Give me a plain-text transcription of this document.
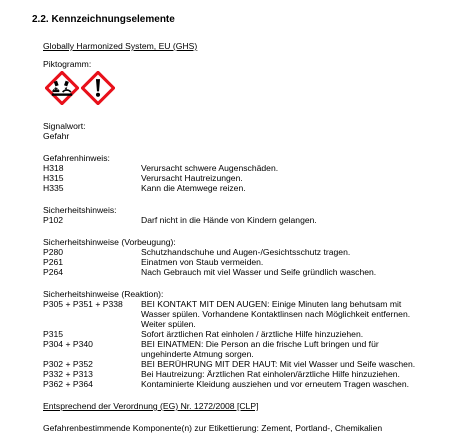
2.2. Kennzeichnungselemente
Globally Harmonized System, EU (GHS)
Piktogramm:
Signalwort:
Gefahr
Gefahrenhinweis:
H318	Verursacht schwere Augenschäden.
H315	Verursacht Hautreizungen.
H335	Kann die Atemwege reizen.
Sicherheitshinweis:
P102	Darf nicht in die Hände von Kindern gelangen.
Sicherheitshinweise (Vorbeugung):
P280	Schutzhandschuhe und Augen-/Gesichtsschutz tragen.
P261	Einatmen von Staub vermeiden.
P264	Nach Gebrauch mit viel Wasser und Seife gründlich waschen.
Sicherheitshinweise (Reaktion):
P305 + P351 + P338	BEI KONTAKT MIT DEN AUGEN: Einige Minuten lang behutsam mit Wasser spülen. Vorhandene Kontaktlinsen nach Möglichkeit entfernen. Weiter spülen.
P315	Sofort ärztlichen Rat einholen / ärztliche Hilfe hinzuziehen.
P304 + P340	BEI EINATMEN: Die Person an die frische Luft bringen und für ungehinderte Atmung sorgen.
P302 + P352	BEI BERÜHRUNG MIT DER HAUT: Mit viel Wasser und Seife waschen.
P332 + P313	Bei Hautreizung: Ärztlichen Rat einholen/ärztliche Hilfe hinzuziehen.
P362 + P364	Kontaminierte Kleidung ausziehen und vor erneutem Tragen waschen.
Entsprechend der Verordnung (EG) Nr. 1272/2008 [CLP]
Gefahrenbestimmende Komponente(n) zur Etikettierung: Zement, Portland-, Chemikalien
